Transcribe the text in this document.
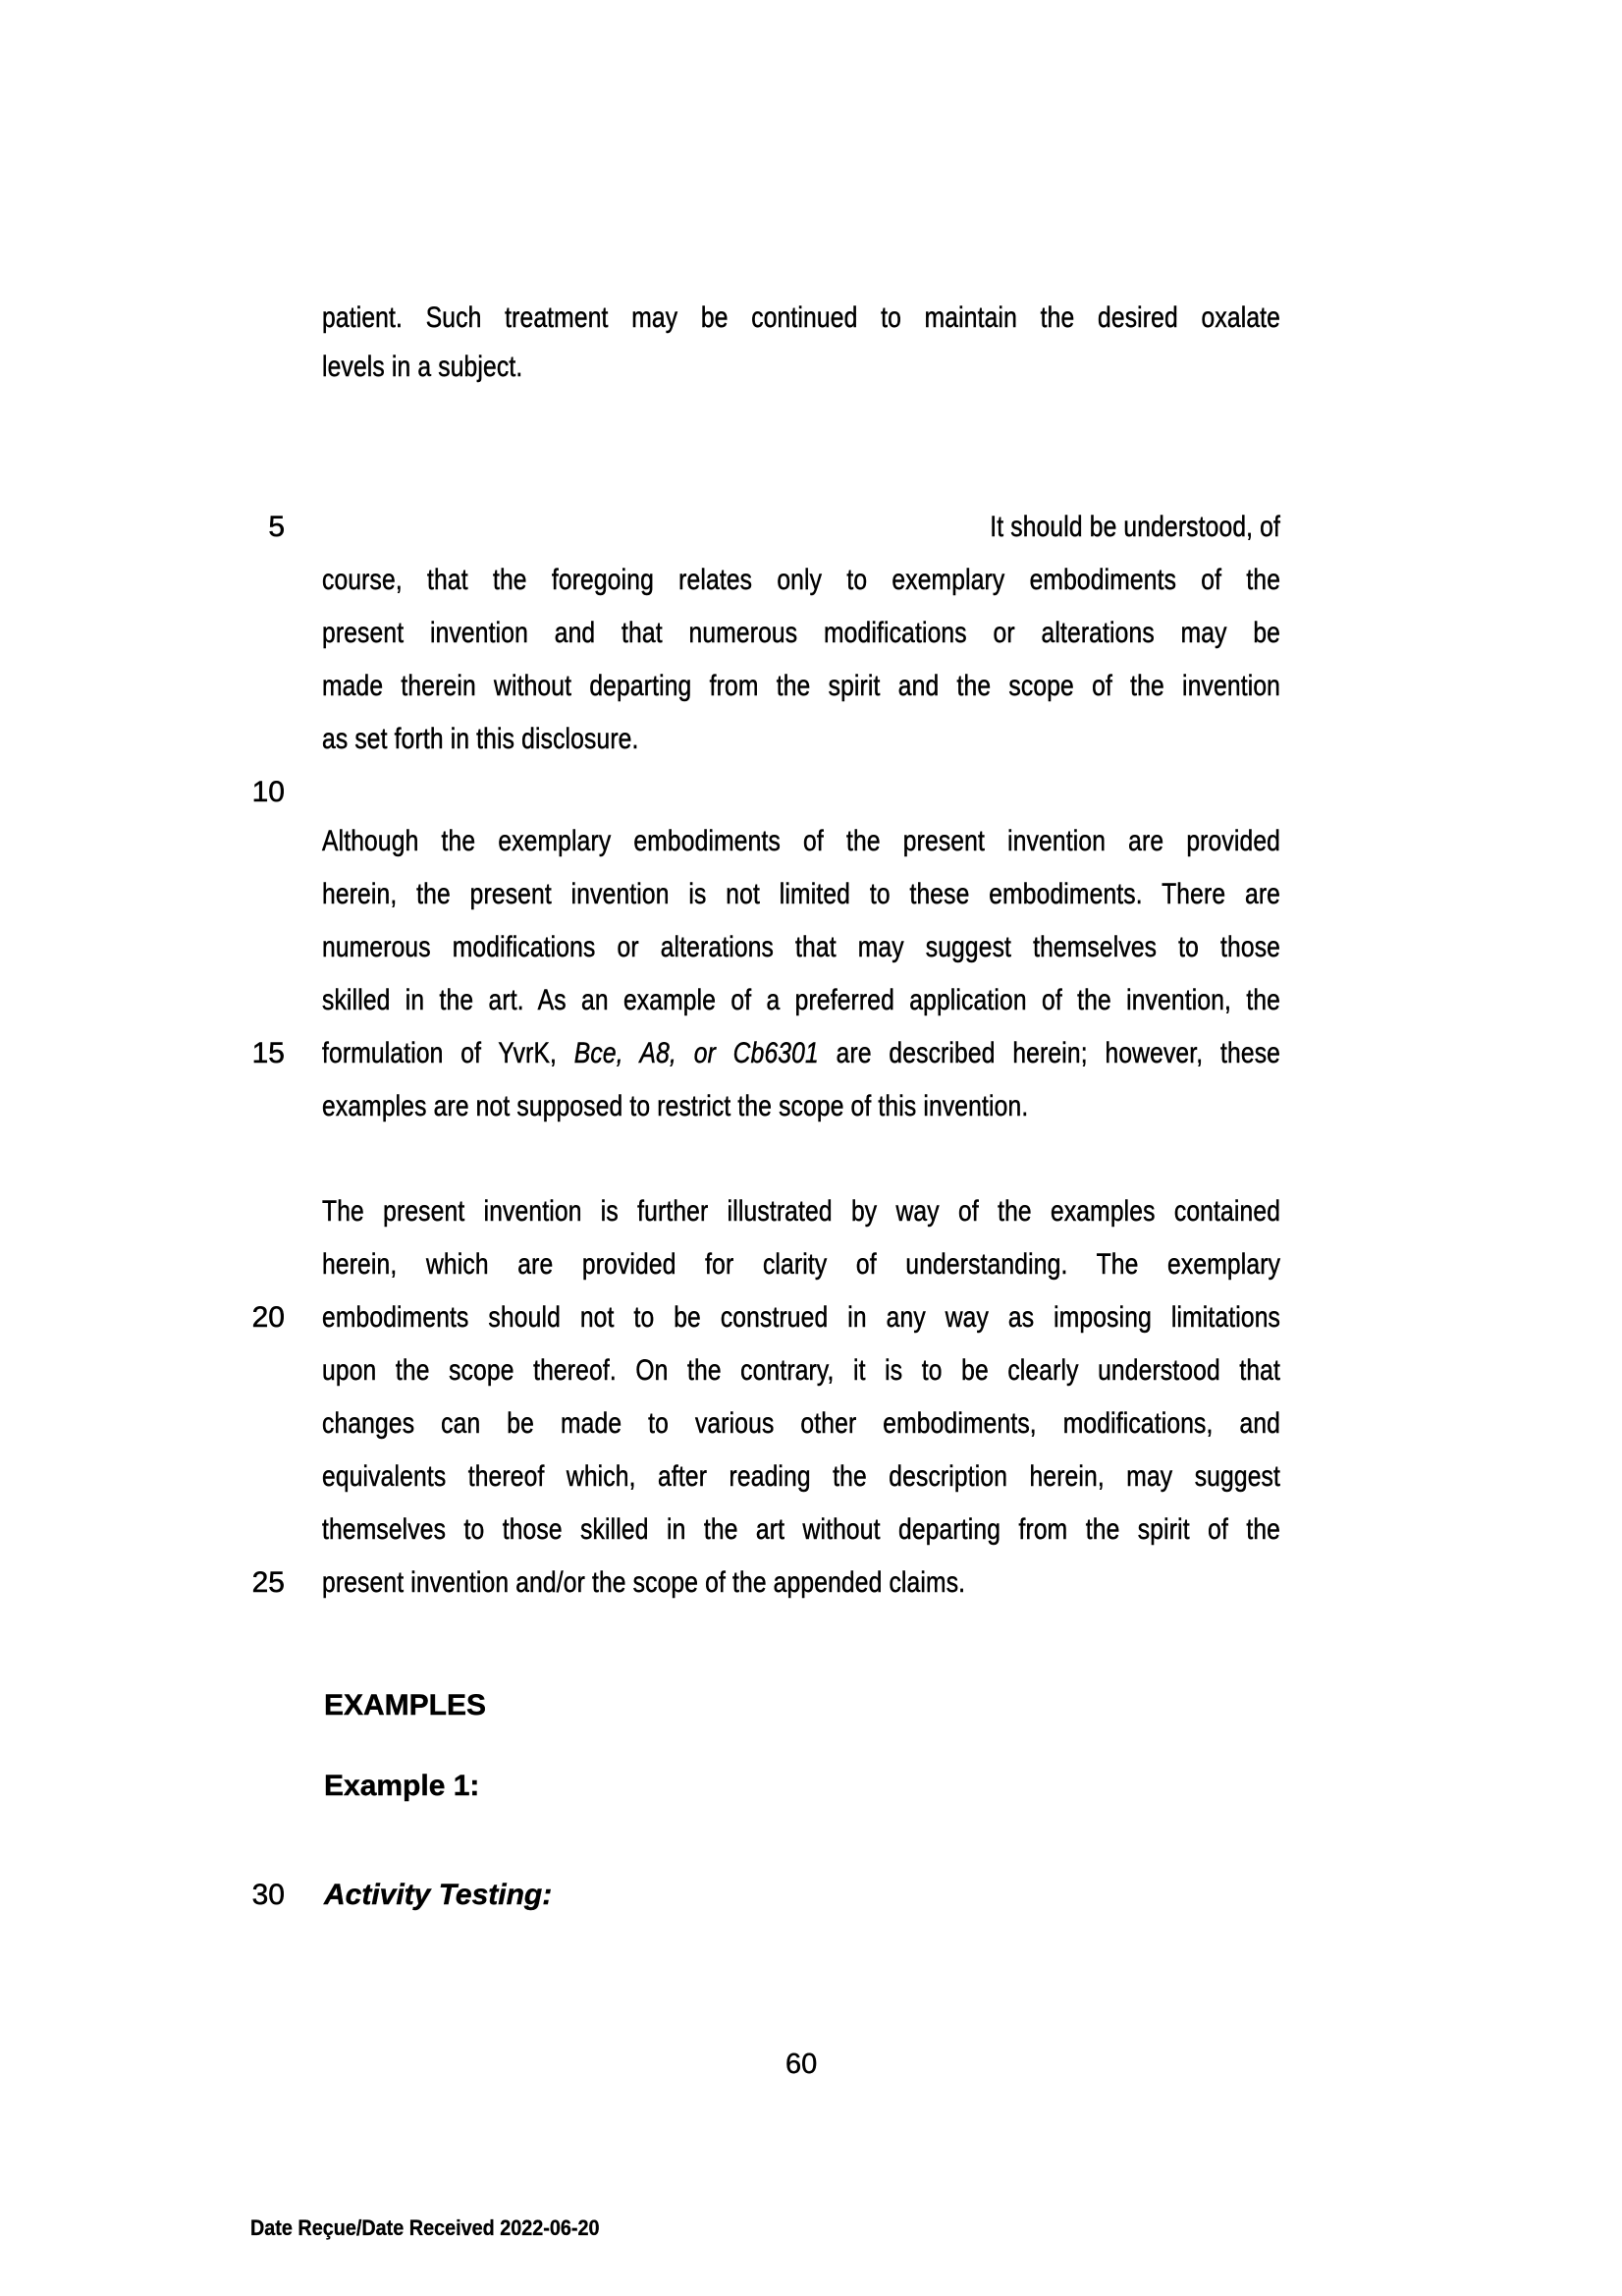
5
10
15
20
25
30
patient. Such treatment may be continued to maintain the desired oxalate
levels in a subject.
It should be understood, of
course, that the foregoing relates only to exemplary embodiments of the
present invention and that numerous modifications or alterations may be
made therein without departing from the spirit and the scope of the invention
as set forth in this disclosure.
Although the exemplary embodiments of the present invention are provided
herein, the present invention is not limited to these embodiments. There are
numerous modifications or alterations that may suggest themselves to those
skilled in the art. As an example of a preferred application of the invention, the
formulation of YvrK, Bce, A8, or Cb6301 are described herein; however, these
examples are not supposed to restrict the scope of this invention.
The present invention is further illustrated by way of the examples contained
herein, which are provided for clarity of understanding. The exemplary
embodiments should not to be construed in any way as imposing limitations
upon the scope thereof. On the contrary, it is to be clearly understood that
changes can be made to various other embodiments, modifications, and
equivalents thereof which, after reading the description herein, may suggest
themselves to those skilled in the art without departing from the spirit of the
present invention and/or the scope of the appended claims.
EXAMPLES
Example 1:
Activity Testing:
60
Date Reçue/Date Received 2022-06-20
